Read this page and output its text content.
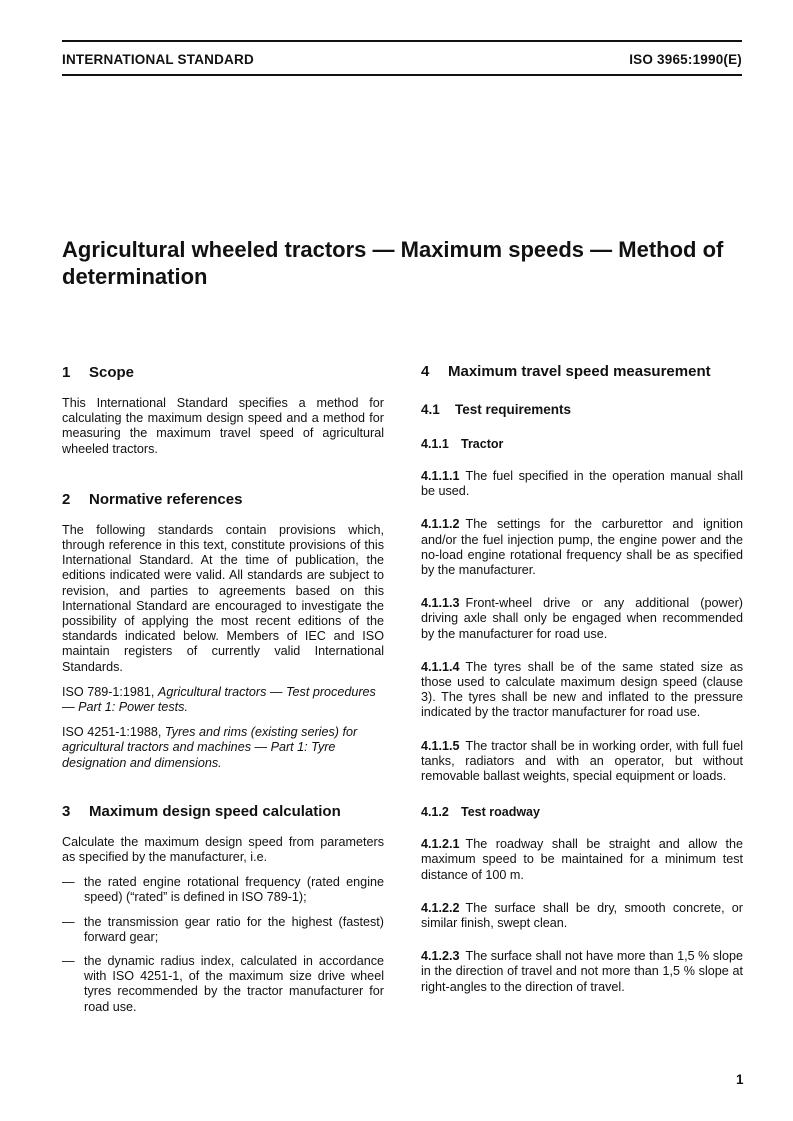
INTERNATIONAL STANDARD	ISO 3965:1990(E)
Agricultural wheeled tractors — Maximum speeds — Method of determination
1	Scope

This International Standard specifies a method for calculating the maximum design speed and a method for measuring the maximum travel speed of agricultural wheeled tractors.

2	Normative references

The following standards contain provisions which, through reference in this text, constitute provisions of this International Standard. At the time of publication, the editions indicated were valid. All standards are subject to revision, and parties to agreements based on this International Standard are encouraged to investigate the possibility of applying the most recent editions of the standards indicated below. Members of IEC and ISO maintain registers of currently valid International Standards.

ISO 789-1:1981, Agricultural tractors — Test procedures — Part 1: Power tests.

ISO 4251-1:1988, Tyres and rims (existing series) for agricultural tractors and machines — Part 1: Tyre designation and dimensions.

3	Maximum design speed calculation

Calculate the maximum design speed from parameters as specified by the manufacturer, i.e.

— the rated engine rotational frequency (rated engine speed) (“rated” is defined in ISO 789-1);
— the transmission gear ratio for the highest (fastest) forward gear;
— the dynamic radius index, calculated in accordance with ISO 4251-1, of the maximum size drive wheel tyres recommended by the tractor manufacturer for road use.
4	Maximum travel speed measurement
4.1	Test requirements
4.1.1 Tractor

4.1.1.1 The fuel specified in the operation manual shall be used.

4.1.1.2 The settings for the carburettor and ignition and/or the fuel injection pump, the engine power and the no-load engine rotational frequency shall be as specified by the manufacturer.

4.1.1.3 Front-wheel drive or any additional (power) driving axle shall only be engaged when recommended by the manufacturer for road use.

4.1.1.4 The tyres shall be of the same stated size as those used to calculate maximum design speed (clause 3). The tyres shall be new and inflated to the pressure indicated by the tractor manufacturer for road use.

4.1.1.5 The tractor shall be in working order, with full fuel tanks, radiators and with an operator, but without removable ballast weights, special equipment or loads.

4.1.2 Test roadway

4.1.2.1 The roadway shall be straight and allow the maximum speed to be maintained for a minimum test distance of 100 m.

4.1.2.2 The surface shall be dry, smooth concrete, or similar finish, swept clean.

4.1.2.3 The surface shall not have more than 1,5 % slope in the direction of travel and not more than 1,5 % slope at right-angles to the direction of travel.

1
